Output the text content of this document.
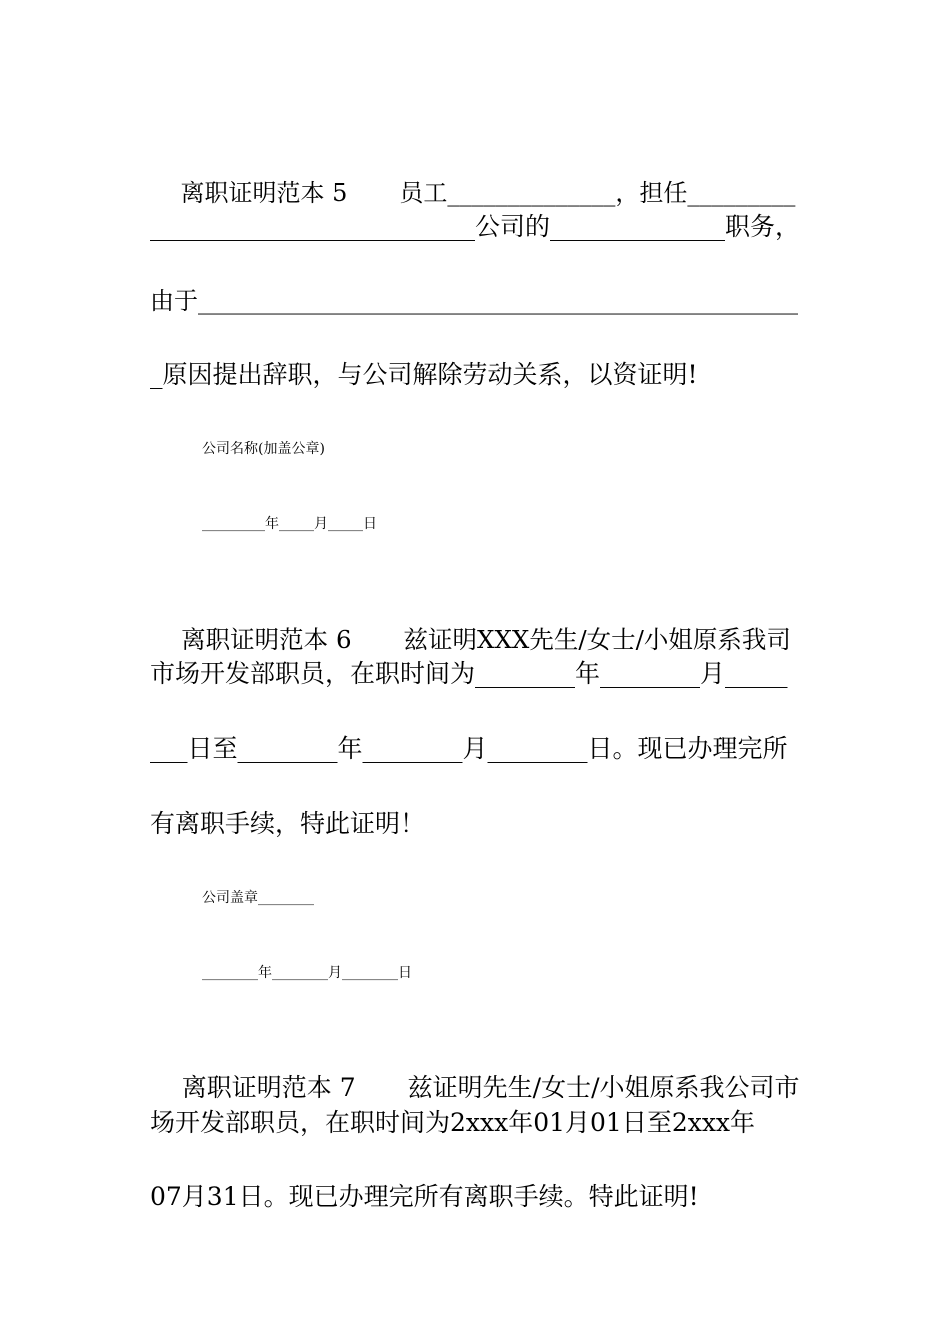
离职证明范本 5 员工______________，担任_________

__________________________公司的______________职务，
由于__________________________________________________
_原因提出辞职，与公司解除劳动关系，以资证明!
公司名称(加盖公章)
_________年_____月_____日

离职证明范本 6 兹证明XXX先生/女士/小姐原系我司

市场开发部职员，在职时间为________年________月_____
___日至________年________月________日。现已办理完所
有离职手续，特此证明！
公司盖章________
________年________月________日

离职证明范本 7 兹证明先生/女士/小姐原系我公司市

场开发部职员，在职时间为2xxx年01月01日至2xxx年
07月31日。现已办理完所有离职手续。特此证明!
